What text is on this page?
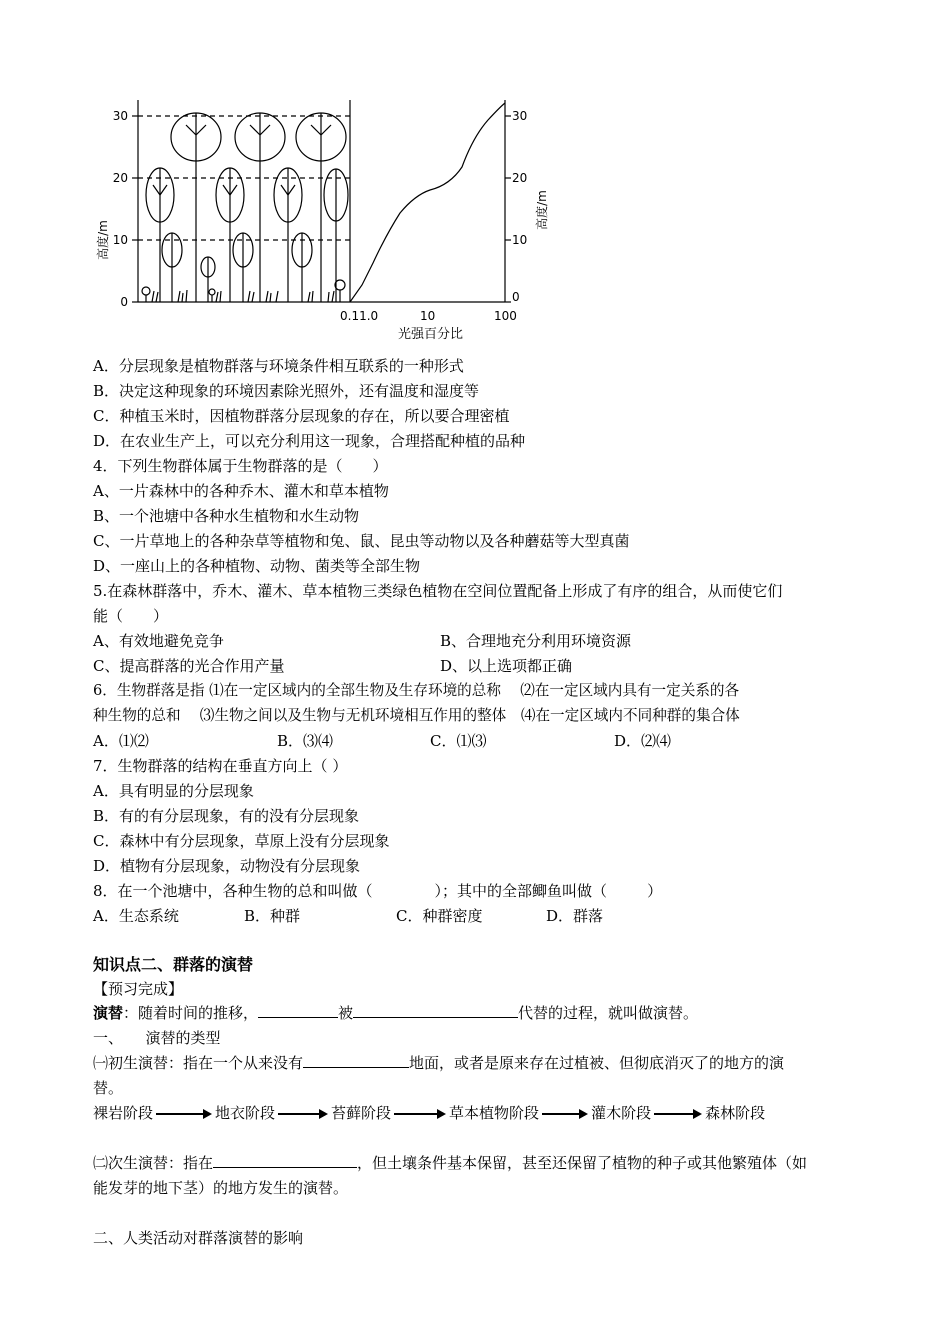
30
20
10
0
30
20
10
0
高度/m
高度/m
0.11.0	10	100
光强百分比
A．分层现象是植物群落与环境条件相互联系的一种形式
B．决定这种现象的环境因素除光照外，还有温度和湿度等
C．种植玉米时，因植物群落分层现象的存在，所以要合理密植
D．在农业生产上，可以充分利用这一现象，合理搭配种植的品种
4．下列生物群体属于生物群落的是（　　）
A、一片森林中的各种乔木、灌木和草本植物
B、一个池塘中各种水生植物和水生动物
C、一片草地上的各种杂草等植物和兔、鼠、昆虫等动物以及各种蘑菇等大型真菌
D、一座山上的各种植物、动物、菌类等全部生物
5.在森林群落中，乔木、灌木、草本植物三类绿色植物在空间位置配备上形成了有序的组合，从而使它们
能（　　）
A、有效地避免竞争	B、合理地充分利用环境资源
C、提高群落的光合作用产量	D、以上选项都正确
6．生物群落是指 ⑴在一定区域内的全部生物及生存环境的总称　 ⑵在一定区域内具有一定关系的各
种生物的总和　 ⑶生物之间以及生物与无机环境相互作用的整体　⑷在一定区域内不同种群的集合体
A．⑴⑵	B．⑶⑷	C．⑴⑶	D．⑵⑷
7．生物群落的结构在垂直方向上（ ）
A．具有明显的分层现象
B．有的有分层现象，有的没有分层现象
C．森林中有分层现象，草原上没有分层现象
D．植物有分层现象，动物没有分层现象
8．在一个池塘中，各种生物的总和叫做（	）；其中的全部鲫鱼叫做（	）
A．生态系统	B．种群	C．种群密度	D．群落
知识点二、群落的演替
【预习完成】
演替：随着时间的推移，	被	代替的过程，就叫做演替。
一、　　演替的类型
㈠初生演替：指在一个从来没有	地面，或者是原来存在过植被、但彻底消灭了的地方的演
替。
裸岩阶段	地衣阶段	苔藓阶段	草本植物阶段	灌木阶段	森林阶段
㈡次生演替：指在	，但土壤条件基本保留，甚至还保留了植物的种子或其他繁殖体（如
能发芽的地下茎）的地方发生的演替。
二、人类活动对群落演替的影响
